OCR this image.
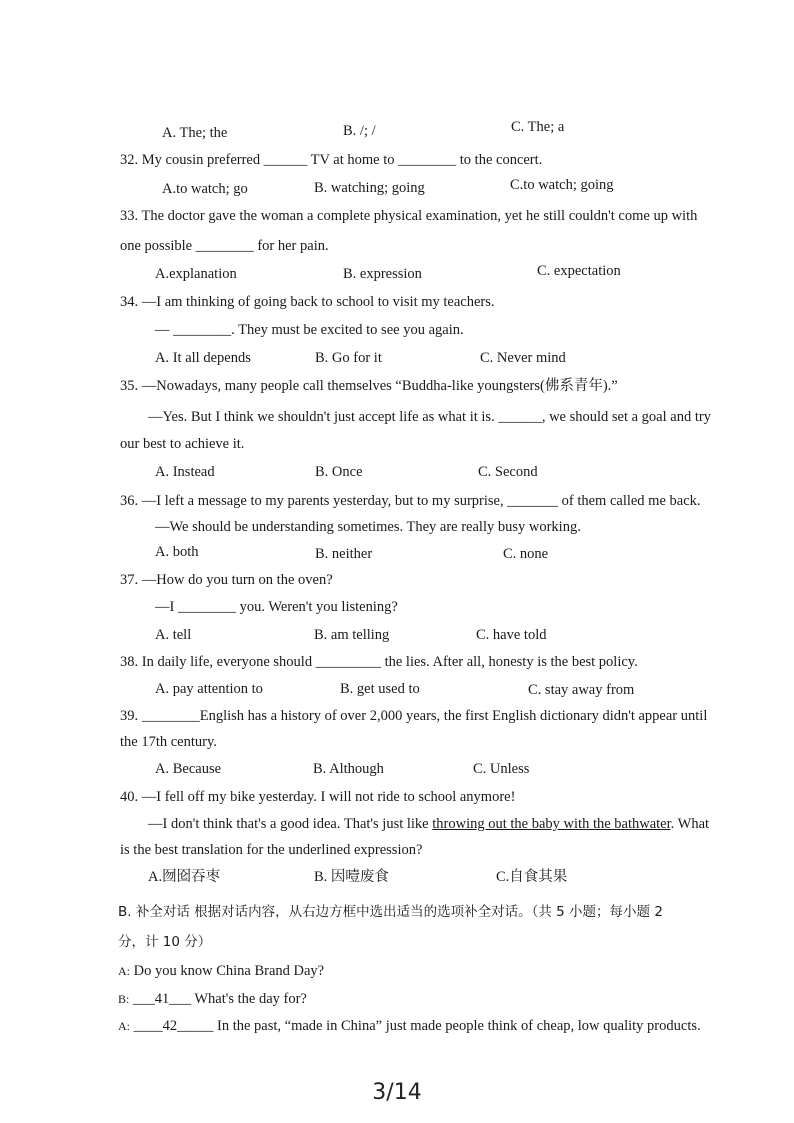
A. The; the	B. /; /	C. The; a
32. My cousin preferred ______ TV at home to ________ to the concert.
A.to watch; go	B. watching; going	C.to watch; going
33. The doctor gave the woman a complete physical examination, yet he still couldn't come up with
one possible ________ for her pain.
A.explanation	B. expression	C. expectation
34. —I am thinking of going back to school to visit my teachers.
— ________. They must be excited to see you again.
A. It all depends	B. Go for it	C. Never mind
35. —Nowadays, many people call themselves “Buddha-like youngsters(佛系青年).”
—Yes. But I think we shouldn't just accept life as what it is. ______, we should set a goal and try
our best to achieve it.
A. Instead	B. Once	C. Second
36. —I left a message to my parents yesterday, but to my surprise, _______ of them called me back.
—We should be understanding sometimes. They are really busy working.
A. both	B. neither	C. none
37. —How do you turn on the oven?
—I ________ you. Weren't you listening?
A. tell	B. am telling	C. have told
38. In daily life, everyone should _________ the lies. After all, honesty is the best policy.
A. pay attention to	B. get used to	C. stay away from
39. ________English has a history of over 2,000 years, the first English dictionary didn't appear until
the 17th century.
A. Because	B. Although	C. Unless
40. —I fell off my bike yesterday. I will not ride to school anymore!
—I don't think that's a good idea. That's just like throwing out the baby with the bathwater. What
is the best translation for the underlined expression?
A.囫囵吞枣	B. 因噎废食	C.自食其果
B. 补全对话 根据对话内容，从右边方框中选出适当的选项补全对话。（共 5 小题；每小题 2
分，计 10 分）
A: Do you know China Brand Day?
B: ___41___ What's the day for?
A: ____42_____ In the past, “made in China” just made people think of cheap, low quality products.
3/14
